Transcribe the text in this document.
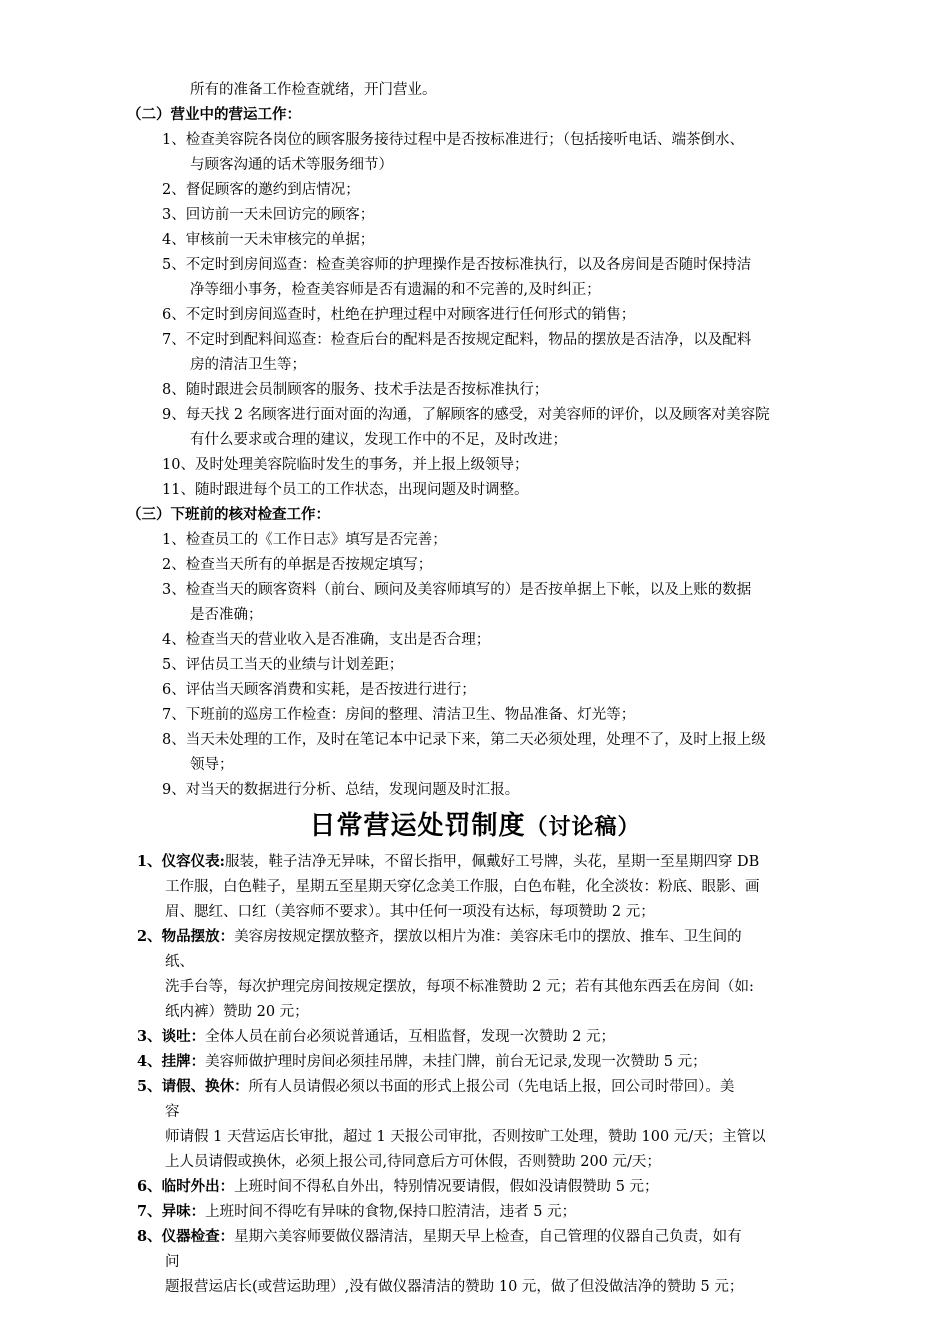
所有的准备工作检查就绪，开门营业。
（二）营业中的营运工作：
1、检查美容院各岗位的顾客服务接待过程中是否按标准进行；（包括接听电话、端茶倒水、
与顾客沟通的话术等服务细节）
2、督促顾客的邀约到店情况；
3、回访前一天未回访完的顾客；
4、审核前一天未审核完的单据；
5、不定时到房间巡查：检查美容师的护理操作是否按标准执行，以及各房间是否随时保持洁
净等细小事务，检查美容师是否有遗漏的和不完善的,及时纠正；
6、不定时到房间巡查时，杜绝在护理过程中对顾客进行任何形式的销售；
7、不定时到配料间巡查：检查后台的配料是否按规定配料，物品的摆放是否洁净，以及配料
房的清洁卫生等；
8、随时跟进会员制顾客的服务、技术手法是否按标准执行；
9、每天找 2 名顾客进行面对面的沟通，了解顾客的感受，对美容师的评价，以及顾客对美容院
有什么要求或合理的建议，发现工作中的不足，及时改进；
10、及时处理美容院临时发生的事务，并上报上级领导；
11、随时跟进每个员工的工作状态，出现问题及时调整。
（三）下班前的核对检查工作：
1、检查员工的《工作日志》填写是否完善；
2、检查当天所有的单据是否按规定填写；
3、检查当天的顾客资料（前台、顾问及美容师填写的）是否按单据上下帐，以及上账的数据
是否准确；
4、检查当天的营业收入是否准确，支出是否合理；
5、评估员工当天的业绩与计划差距；
6、评估当天顾客消费和实耗，是否按进行进行；
7、下班前的巡房工作检查：房间的整理、清洁卫生、物品准备、灯光等；
8、当天未处理的工作，及时在笔记本中记录下来，第二天必须处理，处理不了，及时上报上级
领导；
9、对当天的数据进行分析、总结，发现问题及时汇报。
日常营运处罚制度（讨论稿）
1、仪容仪表:服装，鞋子洁净无异味，不留长指甲，佩戴好工号牌，头花，星期一至星期四穿 DB
工作服，白色鞋子，星期五至星期天穿亿念美工作服，白色布鞋，化全淡妆：粉底、眼影、画
眉、腮红、口红（美容师不要求）。其中任何一项没有达标，每项赞助 2 元；
2、物品摆放：美容房按规定摆放整齐，摆放以相片为准：美容床毛巾的摆放、推车、卫生间的
纸、
洗手台等，每次护理完房间按规定摆放，每项不标准赞助 2 元；若有其他东西丢在房间（如:
纸内裤）赞助 20 元；
3、谈吐：全体人员在前台必须说普通话，互相监督，发现一次赞助 2 元；
4、挂牌：美容师做护理时房间必须挂吊牌，未挂门牌，前台无记录,发现一次赞助 5 元；
5、请假、换休：所有人员请假必须以书面的形式上报公司（先电话上报，回公司时带回）。美
容
师请假 1 天营运店长审批，超过 1 天报公司审批，否则按旷工处理，赞助 100 元/天；主管以
上人员请假或换休，必须上报公司,待同意后方可休假，否则赞助 200 元/天；
6、临时外出：上班时间不得私自外出，特别情况要请假，假如没请假赞助 5 元；
7、异味：上班时间不得吃有异味的食物,保持口腔清洁，违者 5 元；
8、仪器检查：星期六美容师要做仪器清洁，星期天早上检查，自己管理的仪器自己负责，如有
问
题报营运店长(或营运助理）,没有做仪器清洁的赞助 10 元，做了但没做洁净的赞助 5 元；
